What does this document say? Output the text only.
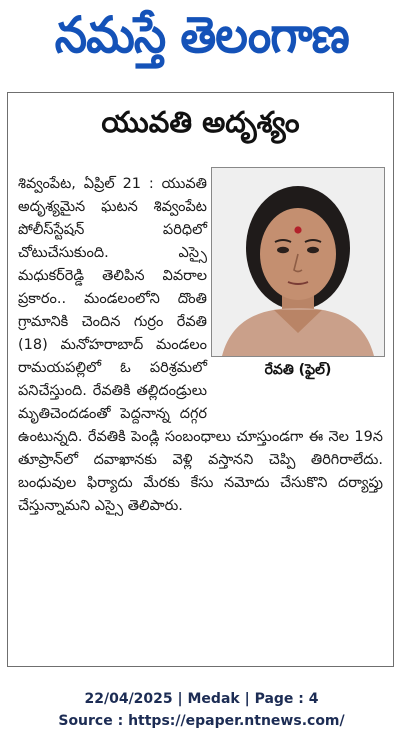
నమస్తే తెలంగాణ
యువతి అదృశ్యం
రేవతి (ఫైల్)

శివ్వంపేట, ఏప్రిల్ 21 : యువతి అదృశ్యమైన ఘటన శివ్వంపేట పోలీస్‌స్టేషన్ పరిధిలో చోటుచేసుకుంది. ఎస్సై మధుకర్‌రెడ్డి తెలిపిన వివరాల ప్రకారం.. మండలంలోని దొంతి గ్రామానికి చెందిన గుర్రం రేవతి (18) మనోహరాబాద్ మండలం రామయపల్లిలో ఓ పరిశ్రమలో పనిచేస్తుంది. రేవతికి తల్లిదండ్రులు మృతిచెందడంతో పెద్దనాన్న దగ్గర ఉంటున్నది. రేవతికి పెండ్లి సంబంధాలు చూస్తుండగా ఈ నెల 19న తూప్రాన్‌లో దవాఖానకు వెళ్లి వస్తానని చెప్పి తిరిగిరాలేదు. బంధువుల ఫిర్యాదు మేరకు కేసు నమోదు చేసుకొని దర్యాప్తు చేస్తున్నామని ఎస్సై తెలిపారు.

22/04/2025 | Medak | Page : 4
Source : https://epaper.ntnews.com/
